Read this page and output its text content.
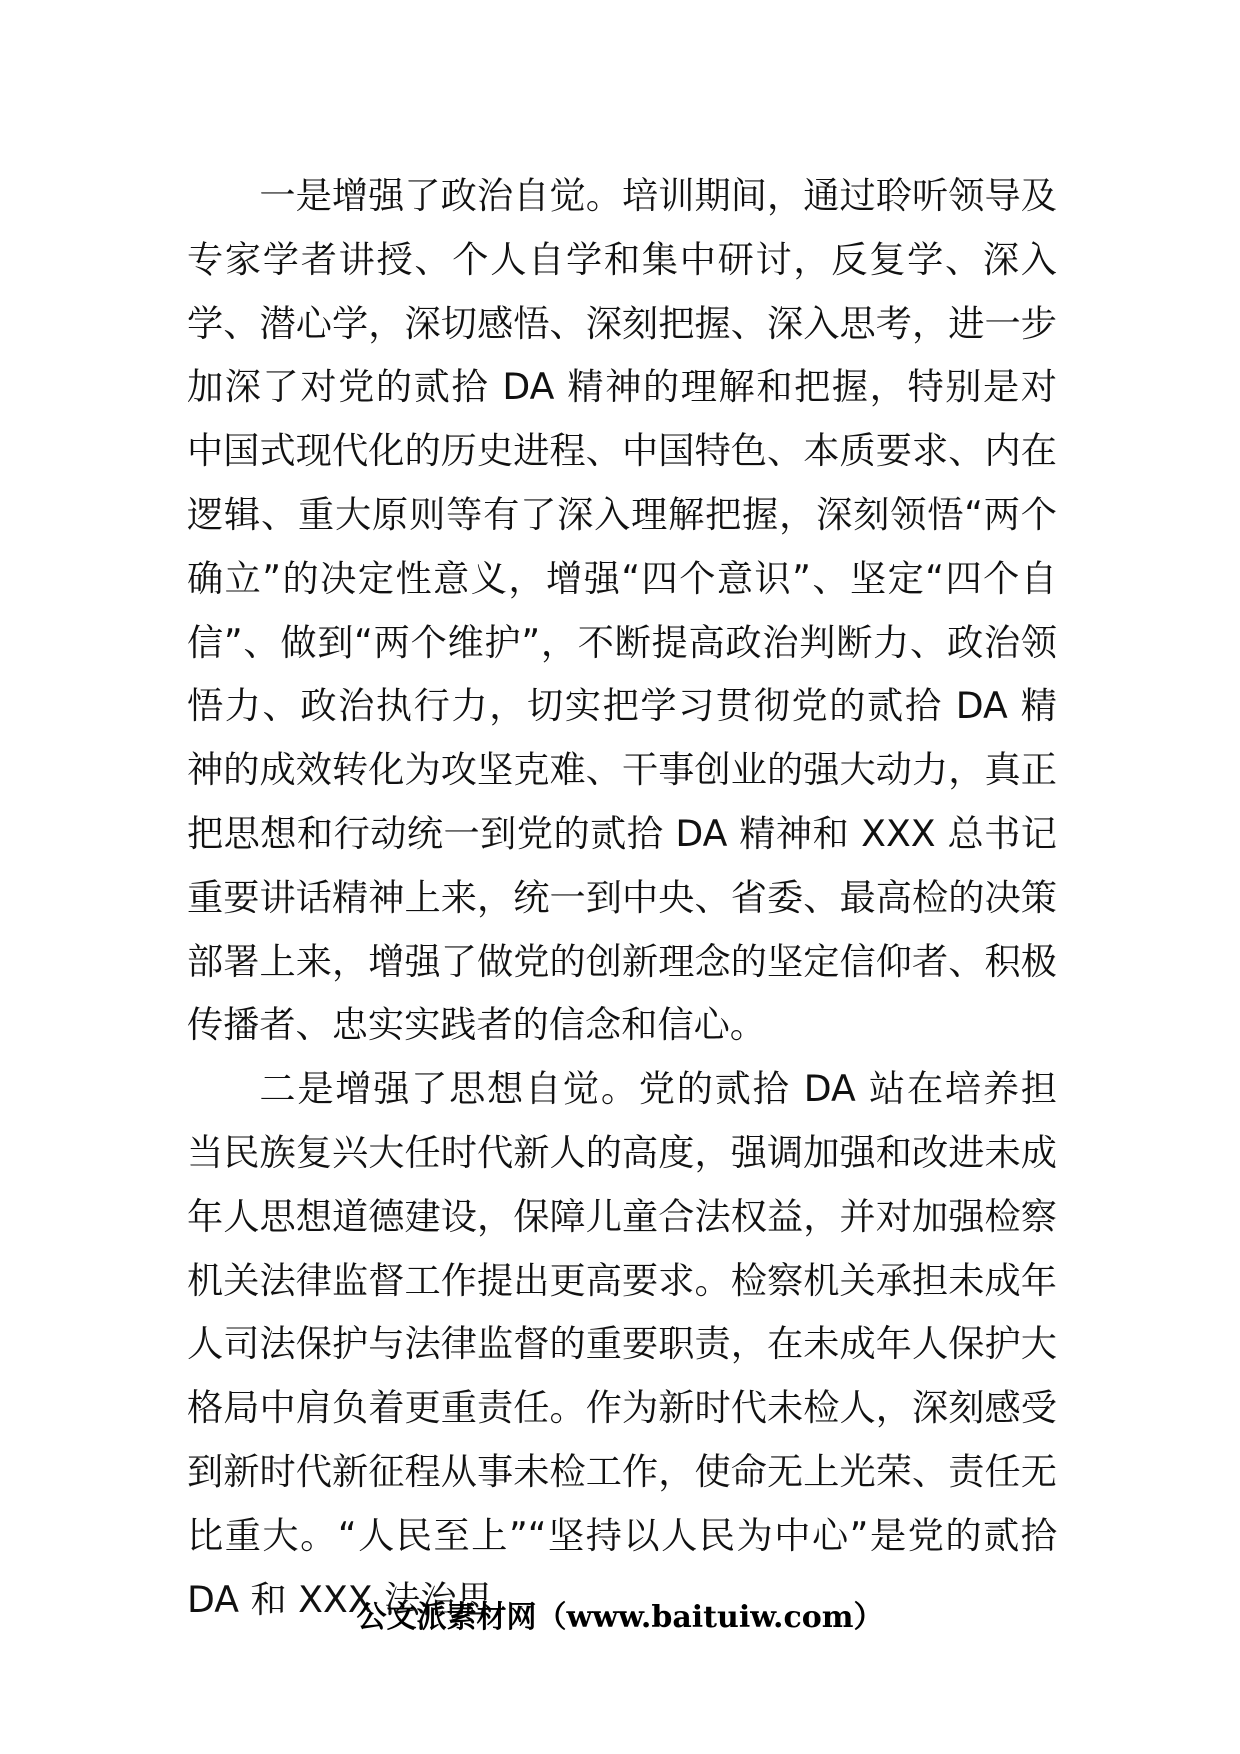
一是增强了政治自觉。培训期间，通过聆听领导及专家学者讲授、个人自学和集中研讨，反复学、深入学、潜心学，深切感悟、深刻把握、深入思考，进一步加深了对党的贰拾 DA 精神的理解和把握，特别是对中国式现代化的历史进程、中国特色、本质要求、内在逻辑、重大原则等有了深入理解把握，深刻领悟“两个确立”的决定性意义，增强“四个意识”、坚定“四个自信”、做到“两个维护”，不断提高政治判断力、政治领悟力、政治执行力，切实把学习贯彻党的贰拾 DA 精神的成效转化为攻坚克难、干事创业的强大动力，真正把思想和行动统一到党的贰拾 DA 精神和 XXX 总书记重要讲话精神上来，统一到中央、省委、最高检的决策部署上来，增强了做党的创新理念的坚定信仰者、积极传播者、忠实实践者的信念和信心。

二是增强了思想自觉。党的贰拾 DA 站在培养担当民族复兴大任时代新人的高度，强调加强和改进未成年人思想道德建设，保障儿童合法权益，并对加强检察机关法律监督工作提出更高要求。检察机关承担未成年人司法保护与法律监督的重要职责，在未成年人保护大格局中肩负着更重责任。作为新时代未检人，深刻感受到新时代新征程从事未检工作，使命无上光荣、责任无比重大。“人民至上”“坚持以人民为中心”是党的贰拾 DA 和 XXX 法治思

公文派素材网（www.baituiw.com）
